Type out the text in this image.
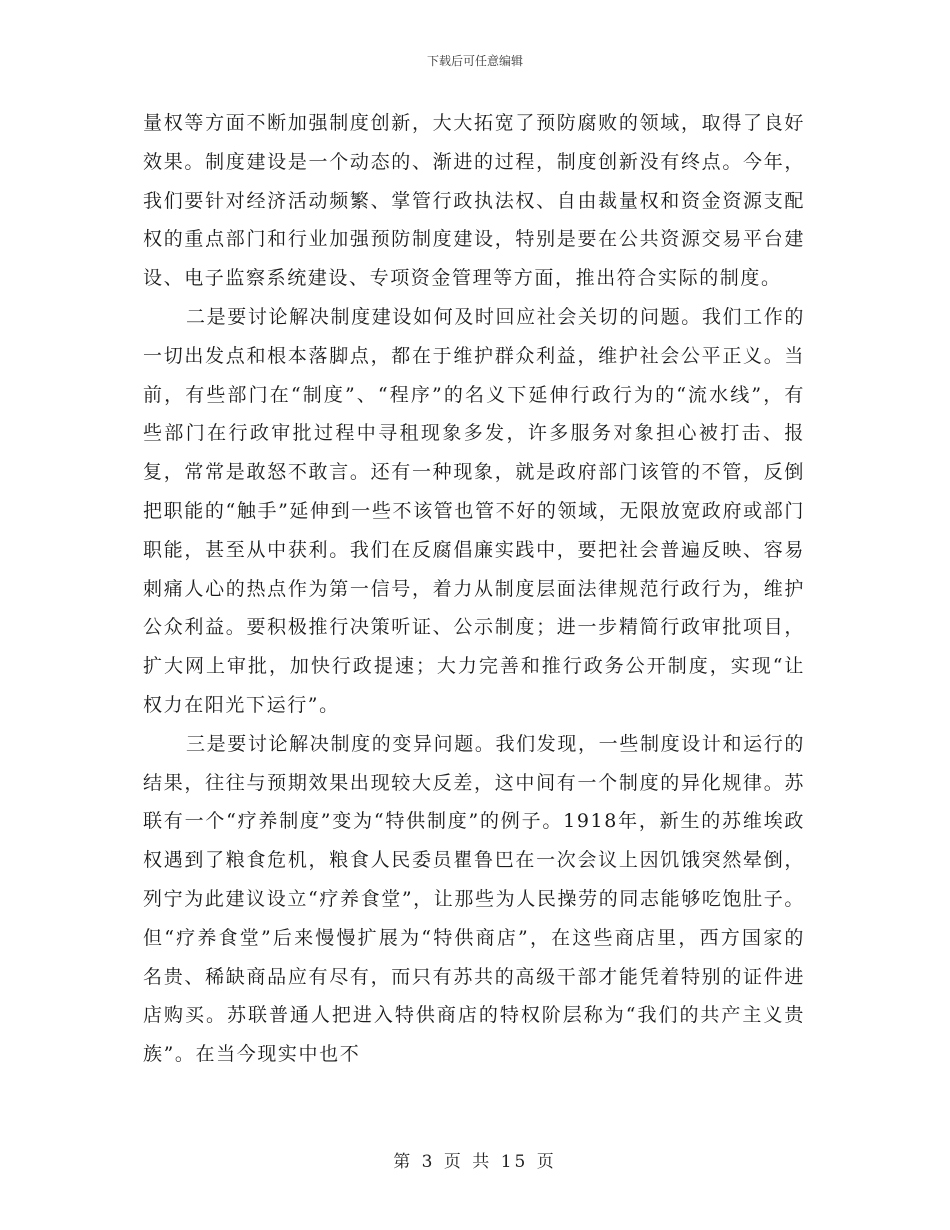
下载后可任意编辑

量权等方面不断加强制度创新，大大拓宽了预防腐败的领域，取得了良好效果。制度建设是一个动态的、渐进的过程，制度创新没有终点。今年，我们要针对经济活动频繁、掌管行政执法权、自由裁量权和资金资源支配权的重点部门和行业加强预防制度建设，特别是要在公共资源交易平台建设、电子监察系统建设、专项资金管理等方面，推出符合实际的制度。

二是要讨论解决制度建设如何及时回应社会关切的问题。我们工作的一切出发点和根本落脚点，都在于维护群众利益，维护社会公平正义。当前，有些部门在“制度”、“程序”的名义下延伸行政行为的“流水线”，有些部门在行政审批过程中寻租现象多发，许多服务对象担心被打击、报复，常常是敢怒不敢言。还有一种现象，就是政府部门该管的不管，反倒把职能的“触手”延伸到一些不该管也管不好的领域，无限放宽政府或部门职能，甚至从中获利。我们在反腐倡廉实践中，要把社会普遍反映、容易刺痛人心的热点作为第一信号，着力从制度层面法律规范行政行为，维护公众利益。要积极推行决策听证、公示制度；进一步精简行政审批项目，扩大网上审批，加快行政提速；大力完善和推行政务公开制度，实现“让权力在阳光下运行”。

三是要讨论解决制度的变异问题。我们发现，一些制度设计和运行的结果，往往与预期效果出现较大反差，这中间有一个制度的异化规律。苏联有一个“疗养制度”变为“特供制度”的例子。1918年，新生的苏维埃政权遇到了粮食危机，粮食人民委员瞿鲁巴在一次会议上因饥饿突然晕倒，列宁为此建议设立“疗养食堂”，让那些为人民操劳的同志能够吃饱肚子。但“疗养食堂”后来慢慢扩展为“特供商店”，在这些商店里，西方国家的名贵、稀缺商品应有尽有，而只有苏共的高级干部才能凭着特别的证件进店购买。苏联普通人把进入特供商店的特权阶层称为“我们的共产主义贵族”。在当今现实中也不

第 3 页 共 15 页
